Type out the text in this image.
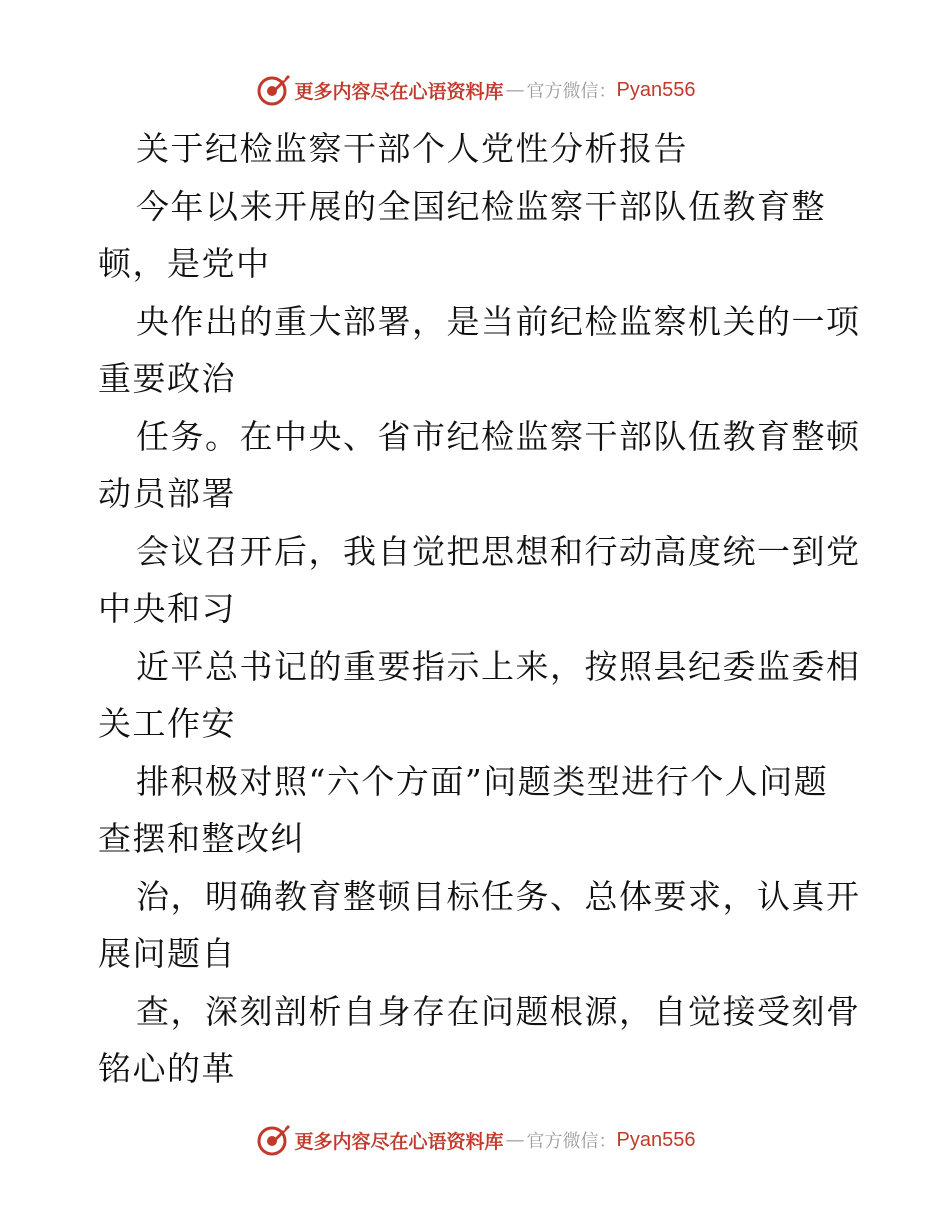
更多内容尽在心语资料库 — 官方微信： Pyan556
关于纪检监察干部个人党性分析报告
今年以来开展的全国纪检监察干部队伍教育整
顿，是党中
央作出的重大部署，是当前纪检监察机关的一项
重要政治
任务。在中央、省市纪检监察干部队伍教育整顿
动员部署
会议召开后，我自觉把思想和行动高度统一到党
中央和习
近平总书记的重要指示上来，按照县纪委监委相
关工作安
排积极对照“六个方面”问题类型进行个人问题
查摆和整改纠
治，明确教育整顿目标任务、总体要求，认真开
展问题自
查，深刻剖析自身存在问题根源，自觉接受刻骨
铭心的革
更多内容尽在心语资料库 — 官方微信： Pyan556
